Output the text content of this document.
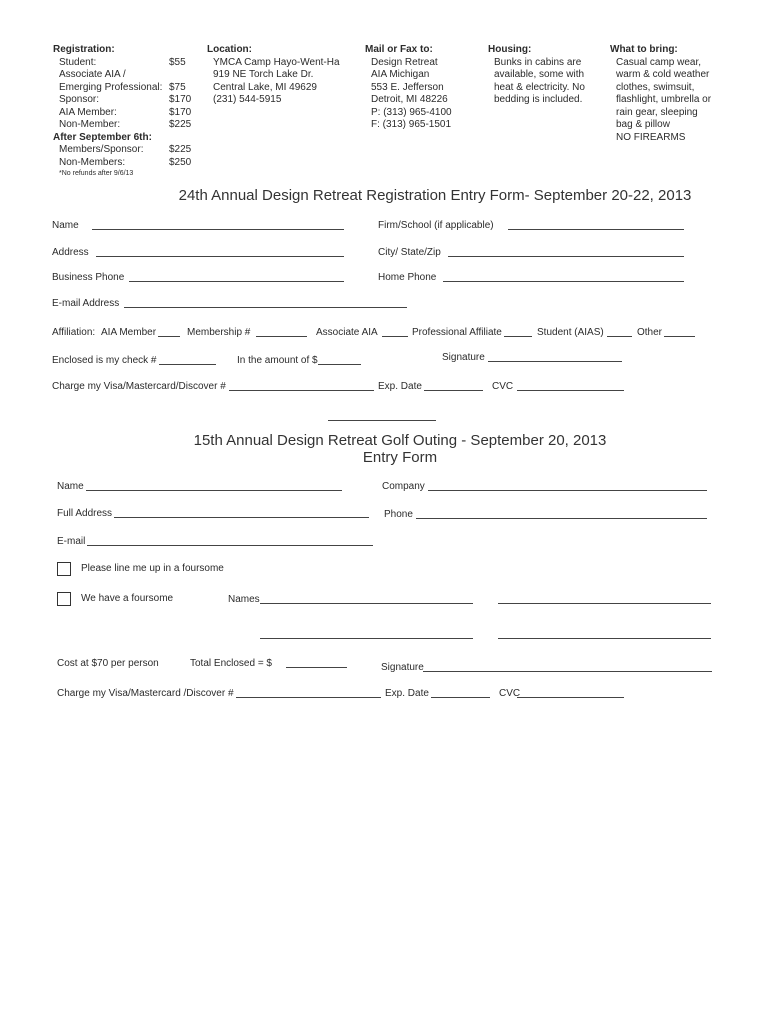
Registration:
Student:	$55
Associate AIA /
Emerging Professional: $75
Sponsor:	$170
AIA Member:	$170
Non-Member:	$225
After September 6th:
Members/Sponsor:	$225
Non-Members:	$250
*No refunds after 9/6/13
Location:
YMCA Camp Hayo-Went-Ha
919 NE Torch Lake Dr.
Central Lake, MI 49629
(231) 544-5915
Mail or Fax to:
Design Retreat
AIA Michigan
553 E. Jefferson
Detroit, MI 48226
P: (313) 965-4100
F: (313) 965-1501
Housing:
Bunks in cabins are
available, some with
heat & electricity. No
bedding is included.
What to bring:
Casual camp wear,
warm & cold weather
clothes, swimsuit,
flashlight, umbrella or
rain gear, sleeping
bag & pillow
NO FIREARMS
24th Annual Design Retreat Registration Entry Form- September 20-22, 2013
Name	Firm/School (if applicable)
Address	City/ State/Zip
Business Phone	Home Phone
E-mail Address
Affiliation: AIA Member	Membership #	Associate AIA	Professional Affiliate	Student (AIAS)	Other
Enclosed is my check #	In the amount of $	Signature
Charge my Visa/Mastercard/Discover #	Exp. Date	CVC
15th Annual Design Retreat Golf Outing - September 20, 2013
Entry Form
Name	Company
Full Address	Phone
E-mail
Please line me up in a foursome
We have a foursome	Names
Cost at $70 per person	Total Enclosed = $	Signature
Charge my Visa/Mastercard /Discover #	Exp. Date	CVC
